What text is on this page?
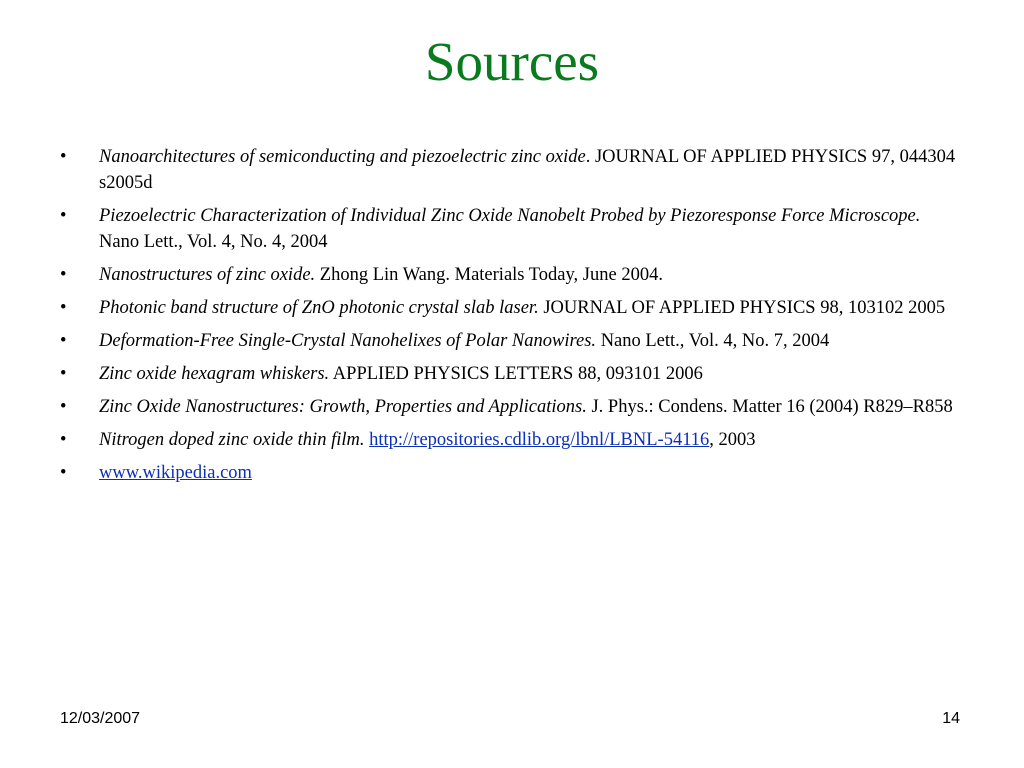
Sources
• Nanoarchitectures of semiconducting and piezoelectric zinc oxide. JOURNAL OF APPLIED PHYSICS 97, 044304 s2005d
• Piezoelectric Characterization of Individual Zinc Oxide Nanobelt Probed by Piezoresponse Force Microscope. Nano Lett., Vol. 4, No. 4, 2004
• Nanostructures of zinc oxide. Zhong Lin Wang. Materials Today, June 2004.
• Photonic band structure of ZnO photonic crystal slab laser. JOURNAL OF APPLIED PHYSICS 98, 103102 2005
• Deformation-Free Single-Crystal Nanohelixes of Polar Nanowires. Nano Lett., Vol. 4, No. 7, 2004
• Zinc oxide hexagram whiskers. APPLIED PHYSICS LETTERS 88, 093101 2006
• Zinc Oxide Nanostructures: Growth, Properties and Applications. J. Phys.: Condens. Matter 16 (2004) R829–R858
• Nitrogen doped zinc oxide thin film. http://repositories.cdlib.org/lbnl/LBNL-54116, 2003
• www.wikipedia.com
12/03/2007	14
